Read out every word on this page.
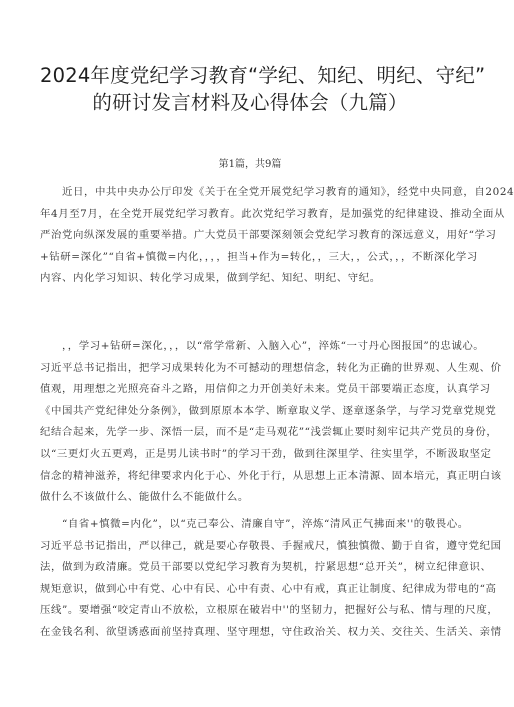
2024年度党纪学习教育“学纪、知纪、明纪、守纪”
的研讨发言材料及心得体会（九篇）
第1篇，共9篇
　　近日，中共中央办公厅印发《关于在全党开展党纪学习教育的通知》，经党中央同意，自2024
年4月至7月，在全党开展党纪学习教育。此次党纪学习教育，是加强党的纪律建设、推动全面从
严治党向纵深发展的重要举措。广大党员干部要深刻领会党纪学习教育的深远意义，用好“学习
+钻研=深化”“自省+慎微=内化，，，，担当+作为=转化，，三大，，公式，，，不断深化学习
内容、内化学习知识、转化学习成果，做到学纪、知纪、明纪、守纪。
　　，，学习+钻研=深化，，，以“常学常新、入脑入心”，淬炼“一寸丹心图报国”的忠诚心。
习近平总书记指出，把学习成果转化为不可撼动的理想信念，转化为正确的世界观、人生观、价
值观，用理想之光照亮奋斗之路，用信仰之力开创美好未来。党员干部要端正态度，认真学习
《中国共产党纪律处分条例》，做到原原本本学、断章取义学、逐章逐条学，与学习党章党规党
纪结合起来，先学一步、深悟一层，而不是“走马观花”“浅尝辄止要时刻牢记共产党员的身份，
以“三更灯火五更鸡，正是男儿读书时”的学习干劲，做到往深里学、往实里学，不断汲取坚定
信念的精神滋养，将纪律要求内化于心、外化于行，从思想上正本清源、固本培元，真正明白该
做什么不该做什么、能做什么不能做什么。
　　“自省+慎微=内化”，以“克己奉公、清廉自守”，淬炼“清风正气拂面来''的敬畏心。
习近平总书记指出，严以律己，就是要心存敬畏、手握戒尺，慎独慎微、勤于自省，遵守党纪国
法，做到为政清廉。党员干部要以党纪学习教育为契机，拧紧思想“总开关”，树立纪律意识、
规矩意识，做到心中有党、心中有民、心中有责、心中有戒，真正让制度、纪律成为带电的“高
压线”。要增强“咬定青山不放松，立根原在破岩中''的坚韧力，把握好公与私、情与理的尺度，
在金钱名利、欲望诱惑面前坚持真理、坚守理想，守住政治关、权力关、交往关、生活关、亲情
